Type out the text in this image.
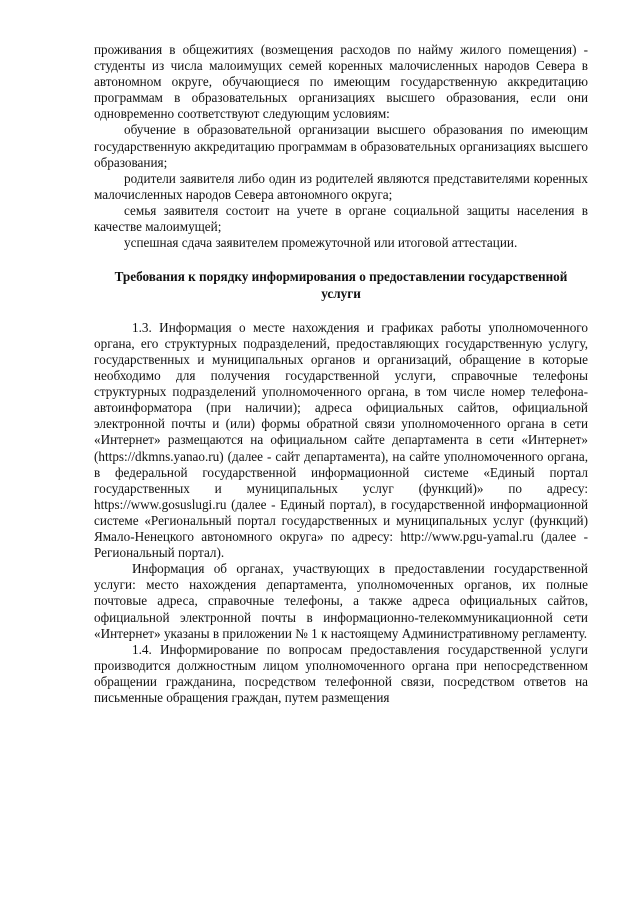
проживания в общежитиях (возмещения расходов по найму жилого помещения) - студенты из числа малоимущих семей коренных малочисленных народов Севера в автономном округе, обучающиеся по имеющим государственную аккредитацию программам в образовательных организациях высшего образования, если они одновременно соответствуют следующим условиям:

обучение в образовательной организации высшего образования по имеющим государственную аккредитацию программам в образовательных организациях высшего образования;

родители заявителя либо один из родителей являются представителями коренных малочисленных народов Севера автономного округа;

семья заявителя состоит на учете в органе социальной защиты населения в качестве малоимущей;

успешная сдача заявителем промежуточной или итоговой аттестации.

Требования к порядку информирования о предоставлении государственной услуги

1.3. Информация о месте нахождения и графиках работы уполномоченного органа, его структурных подразделений, предоставляющих государственную услугу, государственных и муниципальных органов и организаций, обращение в которые необходимо для получения государственной услуги, справочные телефоны структурных подразделений уполномоченного органа, в том числе номер телефона-автоинформатора (при наличии); адреса официальных сайтов, официальной электронной почты и (или) формы обратной связи уполномоченного органа в сети «Интернет» размещаются на официальном сайте департамента в сети «Интернет» (https://dkmns.yanao.ru) (далее - сайт департамента), на сайте уполномоченного органа, в федеральной государственной информационной системе «Единый портал государственных и муниципальных услуг (функций)» по адресу: https://www.gosuslugi.ru (далее - Единый портал), в государственной информационной системе «Региональный портал государственных и муниципальных услуг (функций) Ямало-Ненецкого автономного округа» по адресу: http://www.pgu-yamal.ru (далее - Региональный портал).

Информация об органах, участвующих в предоставлении государственной услуги: место нахождения департамента, уполномоченных органов, их полные почтовые адреса, справочные телефоны, а также адреса официальных сайтов, официальной электронной почты в информационно-телекоммуникационной сети «Интернет» указаны в приложении № 1 к настоящему Административному регламенту.

1.4. Информирование по вопросам предоставления государственной услуги производится должностным лицом уполномоченного органа при непосредственном обращении гражданина, посредством телефонной связи, посредством ответов на письменные обращения граждан, путем размещения
